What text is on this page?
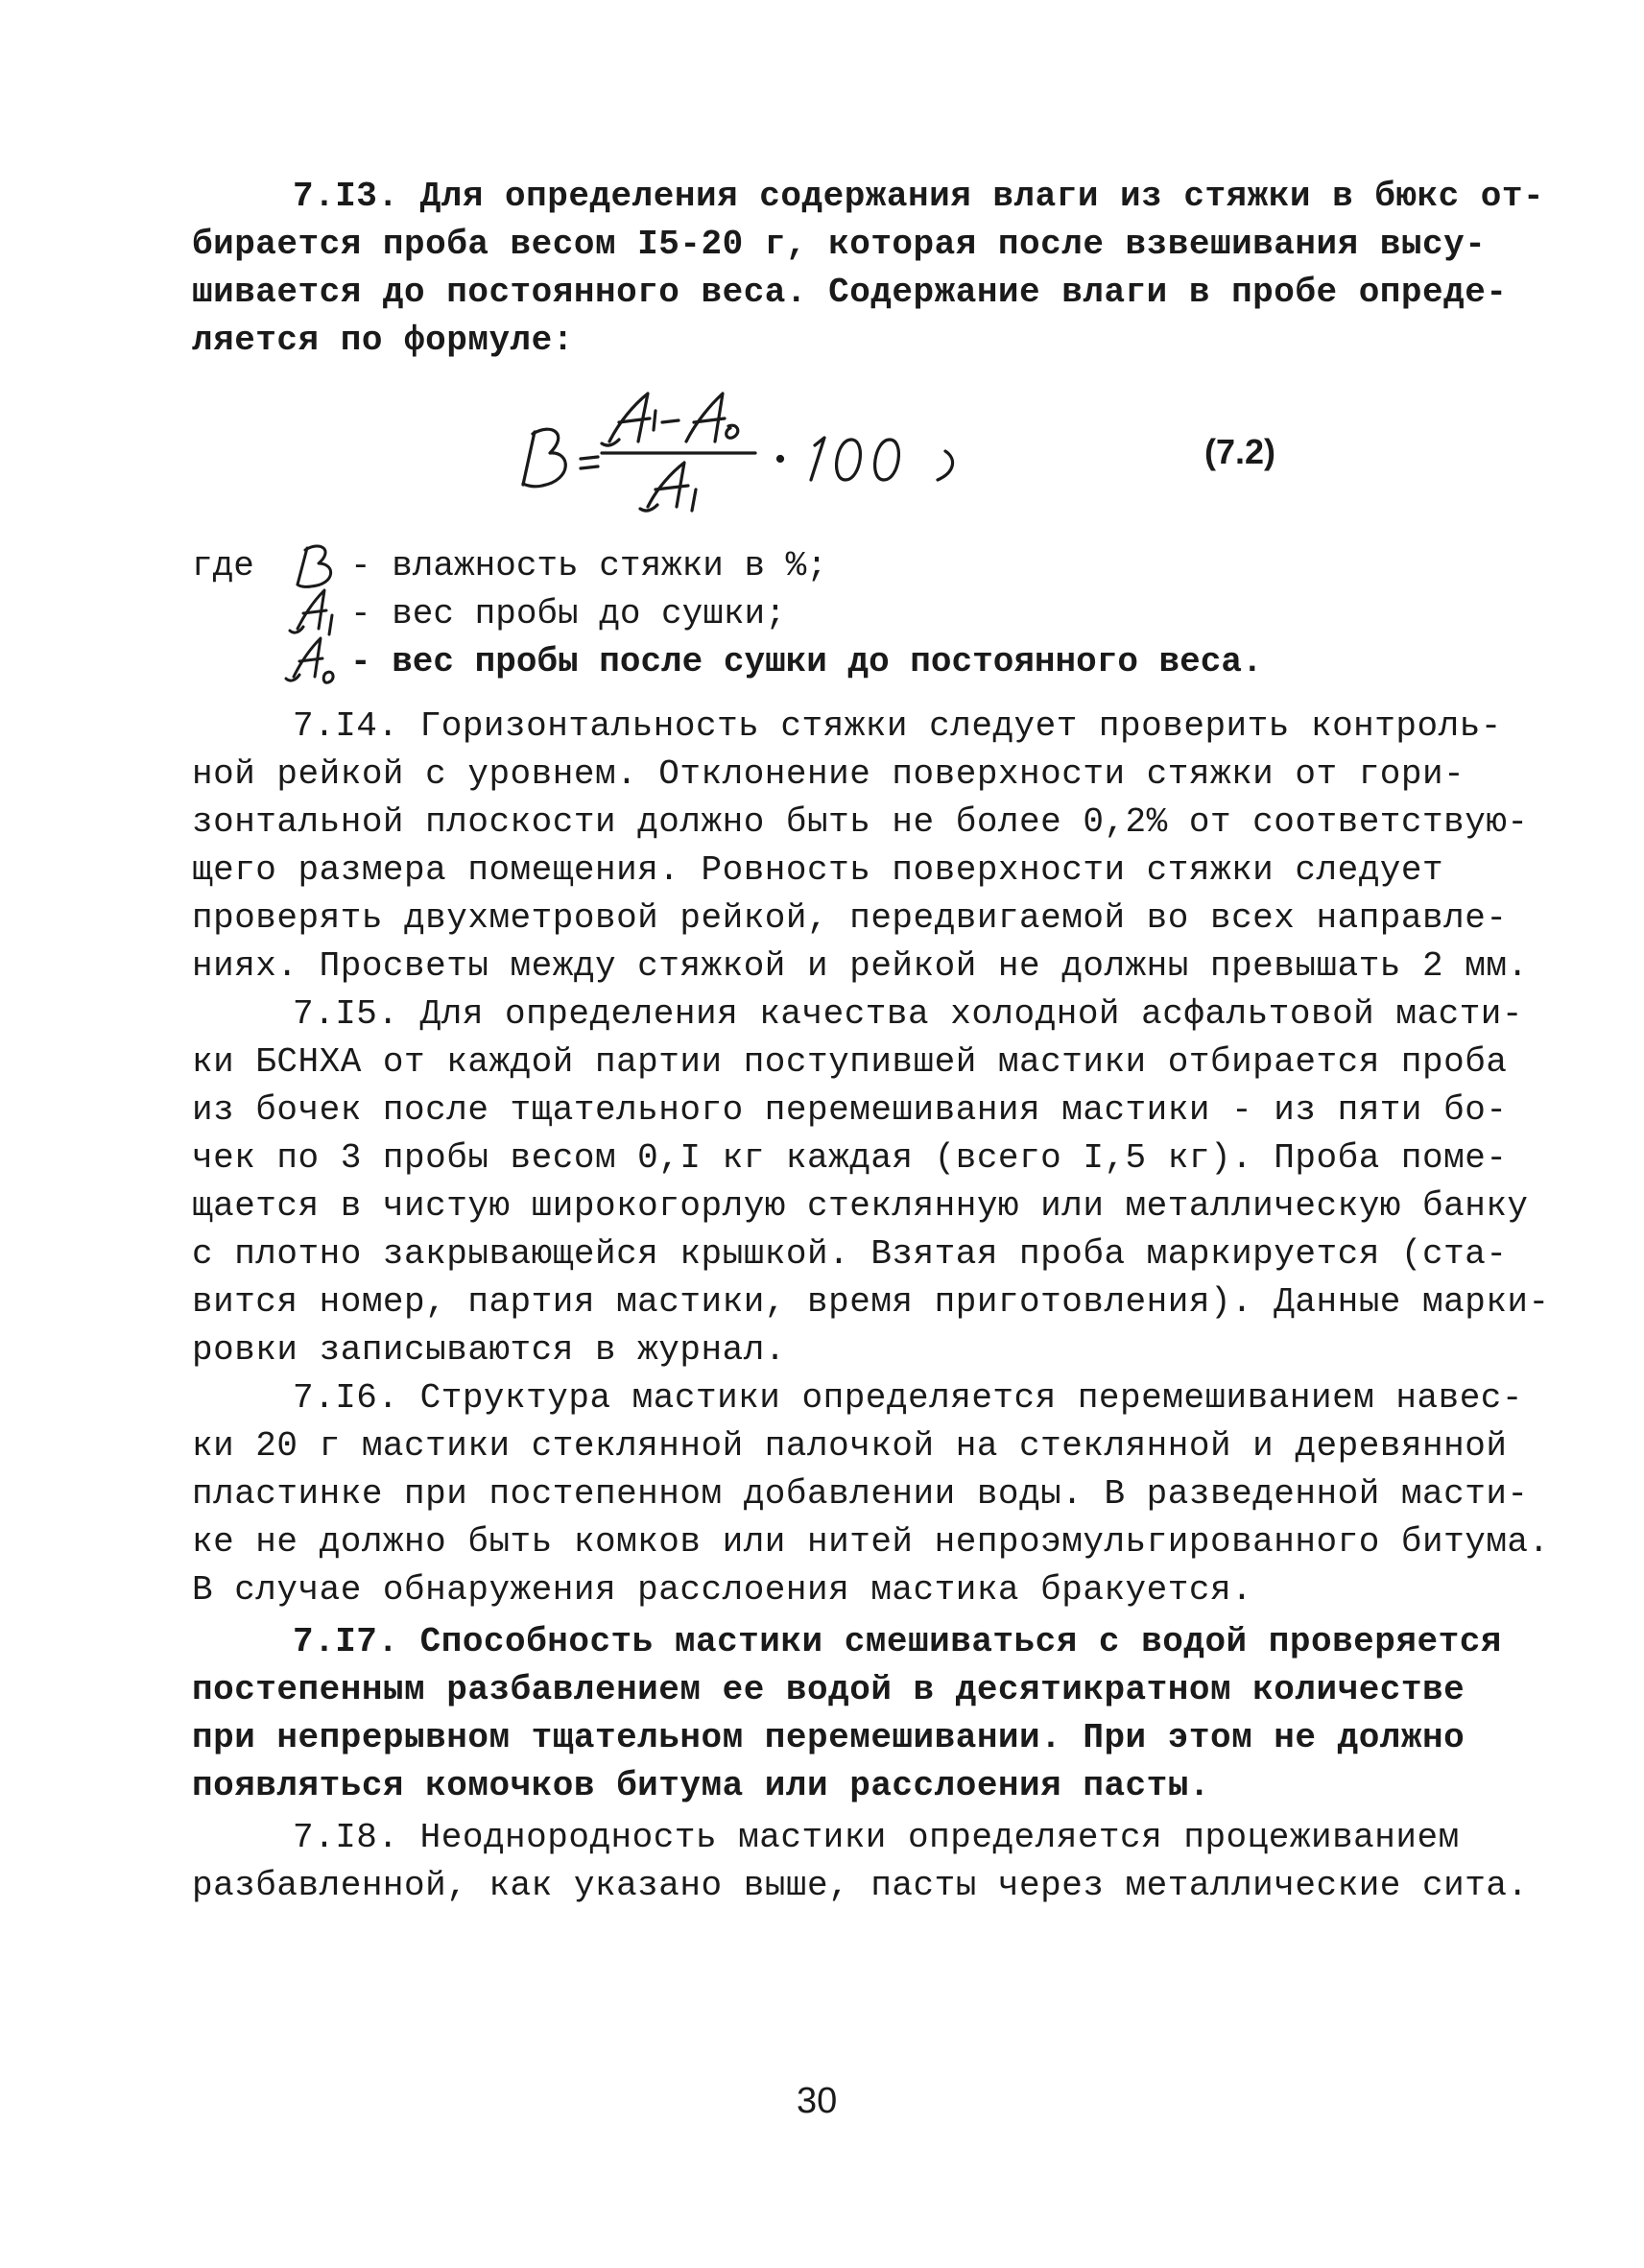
7.I3. Для определения содержания влаги из стяжки в бюкс от-
бирается проба весом I5-20 г, которая после взвешивания высу-
шивается до постоянного веса. Содержание влаги в пробе опреде-
ляется по формуле:
(7.2)
где	- влажность стяжки в %;
- вес пробы до сушки;
- вес пробы после сушки до постоянного веса.
7.I4. Горизонтальность стяжки следует проверить контроль-
ной рейкой с уровнем. Отклонение поверхности стяжки от гори-
зонтальной плоскости должно быть не более 0,2% от соответствую-
щего размера помещения. Ровность поверхности стяжки следует
проверять двухметровой рейкой, передвигаемой во всех направле-
ниях. Просветы между стяжкой и рейкой не должны превышать 2 мм.
7.I5. Для определения качества холодной асфальтовой масти-
ки БСНХА от каждой партии поступившей мастики отбирается проба
из бочек после тщательного перемешивания мастики - из пяти бо-
чек по 3 пробы весом 0,I кг каждая (всего I,5 кг). Проба поме-
щается в чистую широкогорлую стеклянную или металлическую банку
с плотно закрывающейся крышкой. Взятая проба маркируется (ста-
вится номер, партия мастики, время приготовления). Данные марки-
ровки записываются в журнал.
7.I6. Структура мастики определяется перемешиванием навес-
ки 20 г мастики стеклянной палочкой на стеклянной и деревянной
пластинке при постепенном добавлении воды. В разведенной масти-
ке не должно быть комков или нитей непроэмульгированного битума.
В случае обнаружения расслоения мастика бракуется.
7.I7. Способность мастики смешиваться с водой проверяется
постепенным разбавлением ее водой в десятикратном количестве
при непрерывном тщательном перемешивании. При этом не должно
появляться комочков битума или расслоения пасты.
7.I8. Неоднородность мастики определяется процеживанием
разбавленной, как указано выше, пасты через металлические сита.
30
